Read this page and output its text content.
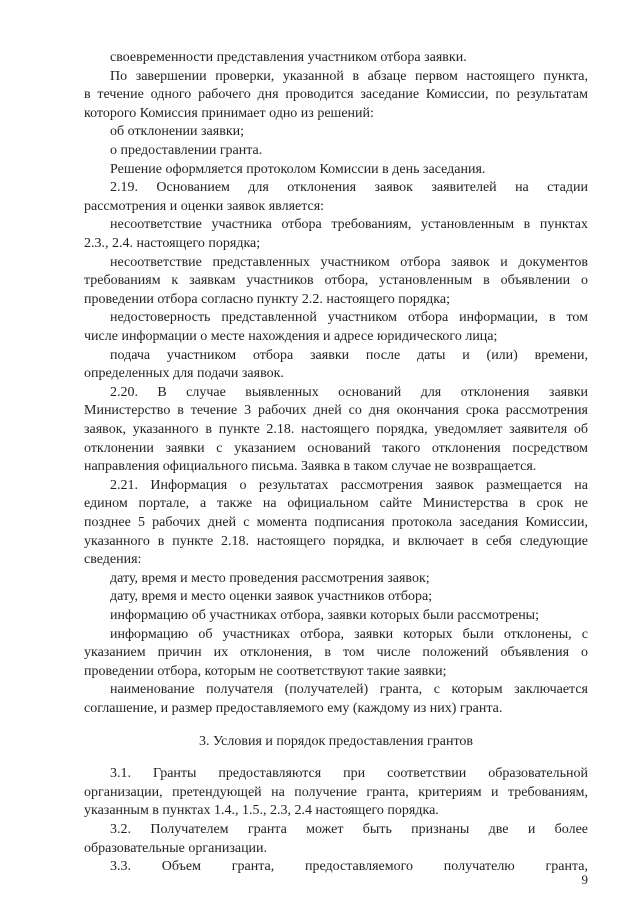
своевременности представления участником отбора заявки.
По завершении проверки, указанной в абзаце первом настоящего пункта,
в течение одного рабочего дня проводится заседание Комиссии, по результатам
которого Комиссия принимает одно из решений:
об отклонении заявки;
о предоставлении гранта.
Решение оформляется протоколом Комиссии в день заседания.
2.19. Основанием для отклонения заявок заявителей на стадии
рассмотрения и оценки заявок является:
несоответствие участника отбора требованиям, установленным в пунктах
2.3., 2.4. настоящего порядка;
несоответствие представленных участником отбора заявок и документов
требованиям к заявкам участников отбора, установленным в объявлении о
проведении отбора согласно пункту 2.2. настоящего порядка;
недостоверность представленной участником отбора информации, в том
числе информации о месте нахождения и адресе юридического лица;
подача участником отбора заявки после даты и (или) времени,
определенных для подачи заявок.
2.20. В случае выявленных оснований для отклонения заявки
Министерство в течение 3 рабочих дней со дня окончания срока рассмотрения
заявок, указанного в пункте 2.18. настоящего порядка, уведомляет заявителя об
отклонении заявки с указанием оснований такого отклонения посредством
направления официального письма. Заявка в таком случае не возвращается.
2.21. Информация о результатах рассмотрения заявок размещается на
едином портале, а также на официальном сайте Министерства в срок не
позднее 5 рабочих дней с момента подписания протокола заседания Комиссии,
указанного в пункте 2.18. настоящего порядка, и включает в себя следующие
сведения:
дату, время и место проведения рассмотрения заявок;
дату, время и место оценки заявок участников отбора;
информацию об участниках отбора, заявки которых были рассмотрены;
информацию об участниках отбора, заявки которых были отклонены, с
указанием причин их отклонения, в том числе положений объявления о
проведении отбора, которым не соответствуют такие заявки;
наименование получателя (получателей) гранта, с которым заключается
соглашение, и размер предоставляемого ему (каждому из них) гранта.
3. Условия и порядок предоставления грантов
3.1. Гранты предоставляются при соответствии образовательной
организации, претендующей на получение гранта, критериям и требованиям,
указанным в пунктах 1.4., 1.5., 2.3, 2.4 настоящего порядка.
3.2. Получателем гранта может быть признаны две и более
образовательные организации.
3.3. Объем гранта, предоставляемого получателю гранта,
9
